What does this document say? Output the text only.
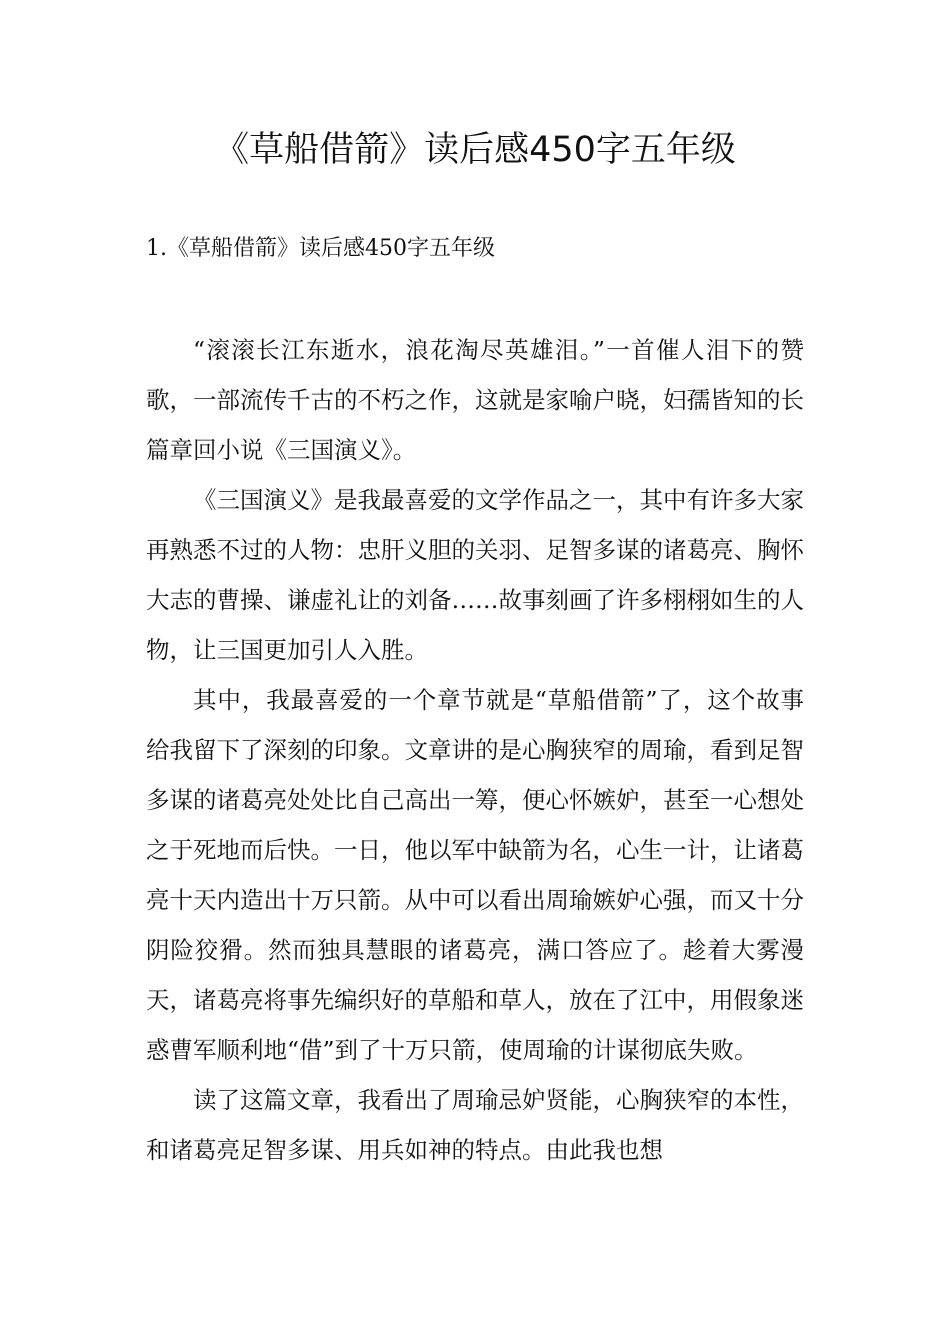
《草船借箭》读后感450字五年级

1.《草船借箭》读后感450字五年级

“滚滚长江东逝水，浪花淘尽英雄泪。”一首催人泪下的赞歌，一部流传千古的不朽之作，这就是家喻户晓，妇孺皆知的长篇章回小说《三国演义》。

《三国演义》是我最喜爱的文学作品之一，其中有许多大家再熟悉不过的人物：忠肝义胆的关羽、足智多谋的诸葛亮、胸怀大志的曹操、谦虚礼让的刘备……故事刻画了许多栩栩如生的人物，让三国更加引人入胜。

其中，我最喜爱的一个章节就是“草船借箭”了，这个故事给我留下了深刻的印象。文章讲的是心胸狭窄的周瑜，看到足智多谋的诸葛亮处处比自己高出一筹，便心怀嫉妒，甚至一心想处之于死地而后快。一日，他以军中缺箭为名，心生一计，让诸葛亮十天内造出十万只箭。从中可以看出周瑜嫉妒心强，而又十分阴险狡猾。然而独具慧眼的诸葛亮，满口答应了。趁着大雾漫天，诸葛亮将事先编织好的草船和草人，放在了江中，用假象迷惑曹军顺利地“借”到了十万只箭，使周瑜的计谋彻底失败。

读了这篇文章，我看出了周瑜忌妒贤能，心胸狭窄的本性，和诸葛亮足智多谋、用兵如神的特点。由此我也想
